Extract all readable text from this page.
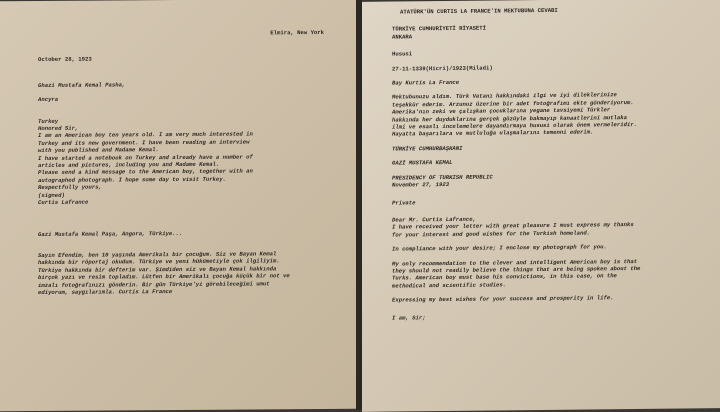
Elmira, New York
October 28, 1923
Ghazi Mustafa Kemal Pasha,
Ancyra
Turkey
Honored Sir,
I am an American boy ten years old. I am very much interested in
Turkey and its new government. I have been reading an interview
with you published and Madame Kemal.
I have started a notebook on Turkey and already have a number of
articles and pictures, including you and Madame Kemal.
Please send a kind message to the American boy, together with an
autographed photograph. I hope some day to visit Turkey.
Respectfully yours,
(signed)
Curtis Lafrance
Gazi Mustafa Kemal Paşa, Angora, Türkiye...
Sayın Efendim, ben 10 yaşında Amerikalı bir çocuğum. Siz ve Bayan Kemal
hakkında bir röportaj okudum. Türkiye ve yeni hükümetiyle çok ilgiliyim.
Türkiye hakkında bir defterim var. Şimdiden siz ve Bayan Kemal hakkında
birçok yazı ve resim topladım. Lütfen bir Amerikalı çocuğa küçük bir not ve
imzalı fotoğrafınızı gönderin. Bir gün Türkiye'yi görebileceğimi umut
ediyorum, saygılarımla. Curtis La France
ATATÜRK'ÜN CURTIS LA FRANCE'IN MEKTUBUNA CEVABI
TÜRKİYE CUMHURİYETİ RİYASETİ
ANKARA
Hususi
27-11-1339(Hicri)/1923(Miladi)
Bay Kurtis La France
Mektubunuzu aldım. Türk Vatanı hakkındaki ilgi ve iyi dileklerinize
teşekkür ederim. Arzunuz üzerine bir adet fotoğrafımı ekte gönderiyorum.
Amerika'nın zeki ve çalışkan çocuklarına yegane tavsiyemi Türkler
hakkında her duyduklarına gerçek gözüyle bakmayıp kanaatlerini mutlaka
ilmi ve esaslı incelemelere dayandırmaya hususi olarak önem vermeleridir.
Hayatta başarılara ve mutluluğa ulaşmalarını temenni ederim.
TÜRKİYE CUMHURBAŞKANI
GAZİ MUSTAFA KEMAL
PRESIDENCY OF TURKISH REPUBLIC
November 27, 1923
Private
Dear Mr. Curtis Lafrance,
I have received your letter with great pleasure I must express my thanks
for your interest and good wishes for the Turkish homeland.
In compliance with your desire; I enclose my photograph for you.
My only recommendation to the clever and intelligent American boy is that
they should not readily believe the things that are being spoken about the
Turks. American boy must base his convictions, in this case, on the
methodical and scientific studies.
Expressing my best wishes for your success and prosperity in life.
I am, Sir;
